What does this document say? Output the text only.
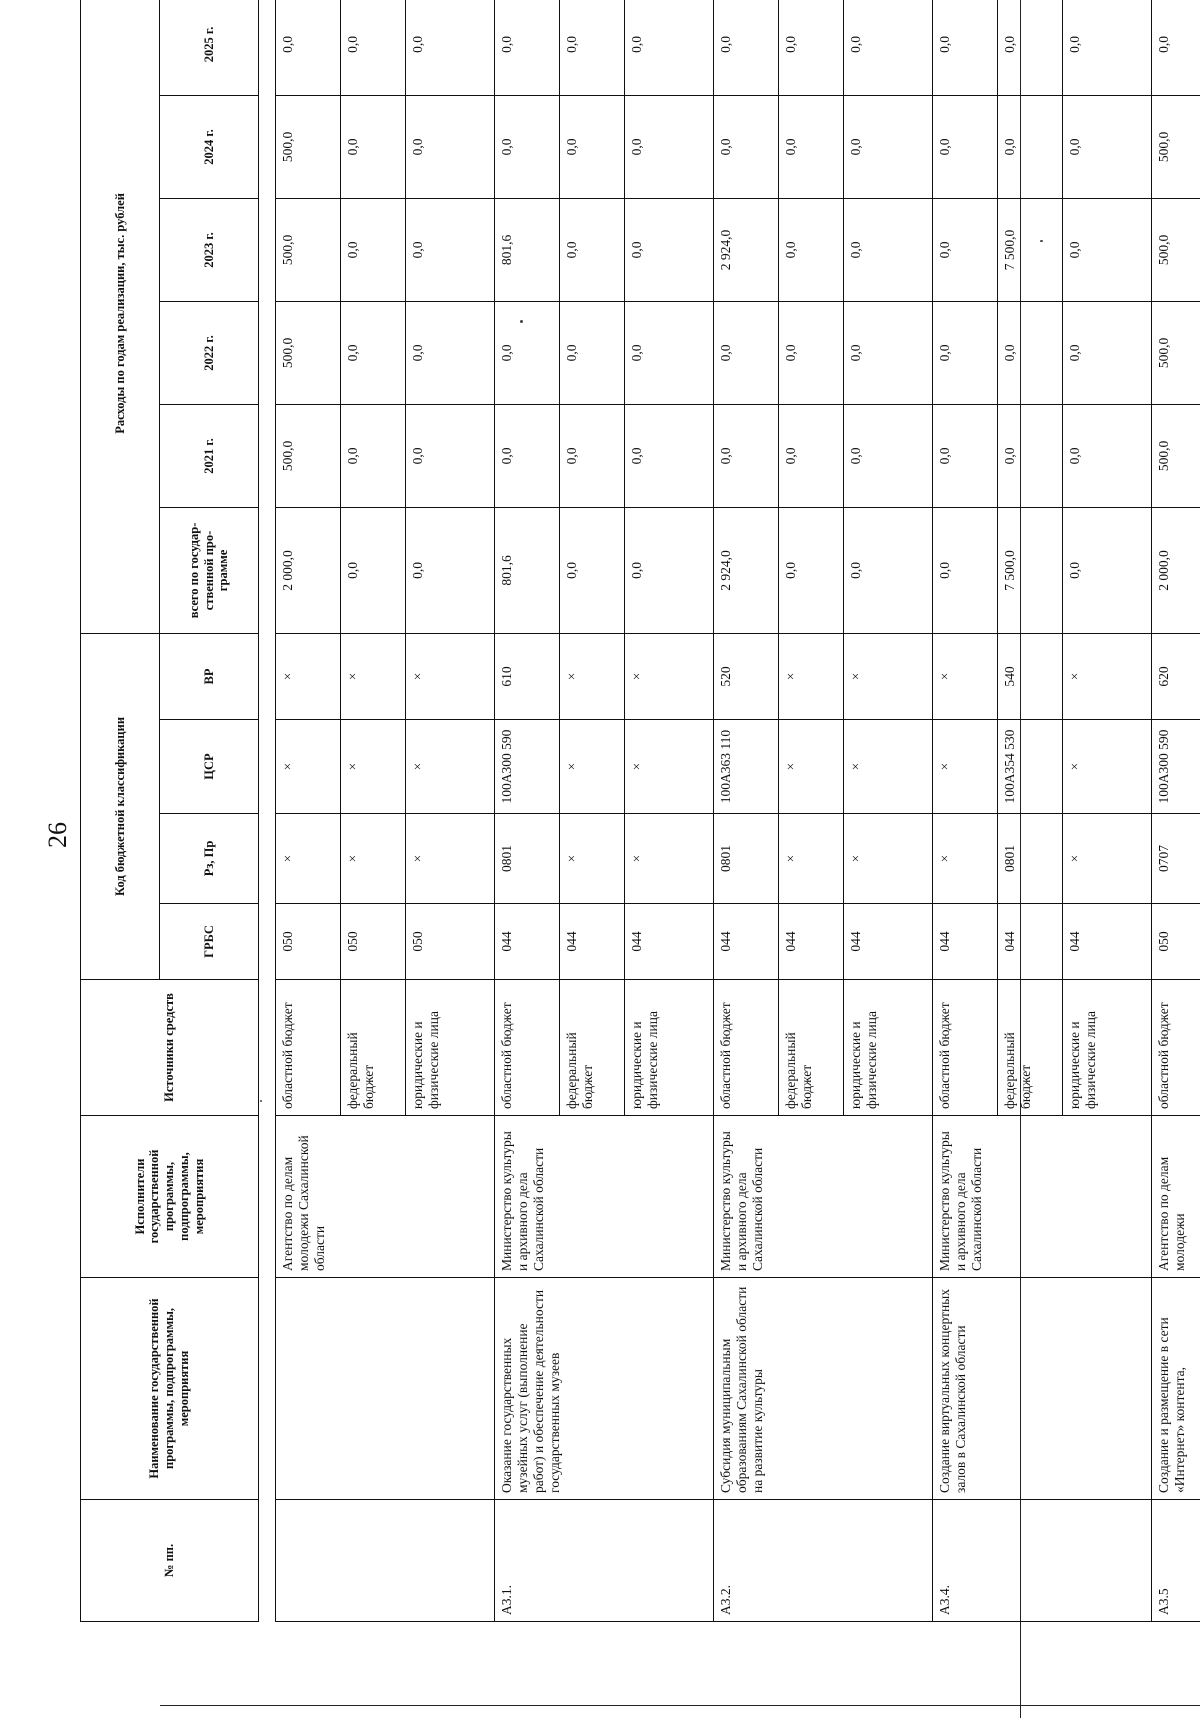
26
№ пп.	Наименование государственной программы, подпрограммы, мероприятия	Исполнители государственной программы, подпрограммы, мероприятия	Источники средств	Код бюджетной классификации				Расходы по годам реализации, тыс. рублей					
				ГРБС	Рз, Пр	ЦСР	ВР	всего по государ-ственной про-грамме	2021 г.	2022 г.	2023 г.	2024 г.	2025 г.

		Агентство по делам молодежи Сахалинской области	областной бюджет	050	×	×	×	2 000,0	500,0	500,0	500,0	500,0	0,0
			федеральный бюджет	050	×	×	×	0,0	0,0	0,0	0,0	0,0	0,0
			юридические и физические лица	050	×	×	×	0,0	0,0	0,0	0,0	0,0	0,0
А3.1.	Оказание государственных музейных услуг (выполнение работ) и обеспечение деятельности государственных музеев	Министерство культуры и архивного дела Сахалинской области	областной бюджет	044	0801	100А300 590	610	801,6	0,0	0,0	801,6	0,0	0,0
			федеральный бюджет	044	×	×	×	0,0	0,0	0,0	0,0	0,0	0,0
			юридические и физические лица	044	×	×	×	0,0	0,0	0,0	0,0	0,0	0,0
А3.2.	Субсидия муниципальным образованиям Сахалинской области на развитие культуры	Министерство культуры и архивного дела Сахалинской области	областной бюджет	044	0801	100А363 110	520	2 924,0	0,0	0,0	2 924,0	0,0	0,0
			федеральный бюджет	044	×	×	×	0,0	0,0	0,0	0,0	0,0	0,0
			юридические и физические лица	044	×	×	×	0,0	0,0	0,0	0,0	0,0	0,0
А3.4.	Создание виртуальных концертных залов в Сахалинской области	Министерство культуры и архивного дела Сахалинской области	областной бюджет	044	×	×	×	0,0	0,0	0,0	0,0	0,0	0,0
			федеральный бюджет	044	0801	100А354 530	540	7 500,0	0,0	0,0	7 500,0	0,0	0,0
			юридические и физические лица	044	×	×	×	0,0	0,0	0,0	0,0	0,0	0,0
А3.5	Создание и размещение в сети «Интернет» контента,	Агентство по делам молодежи	областной бюджет	050	0707	100А300 590	620	2 000,0	500,0	500,0	500,0	500,0	0,0
